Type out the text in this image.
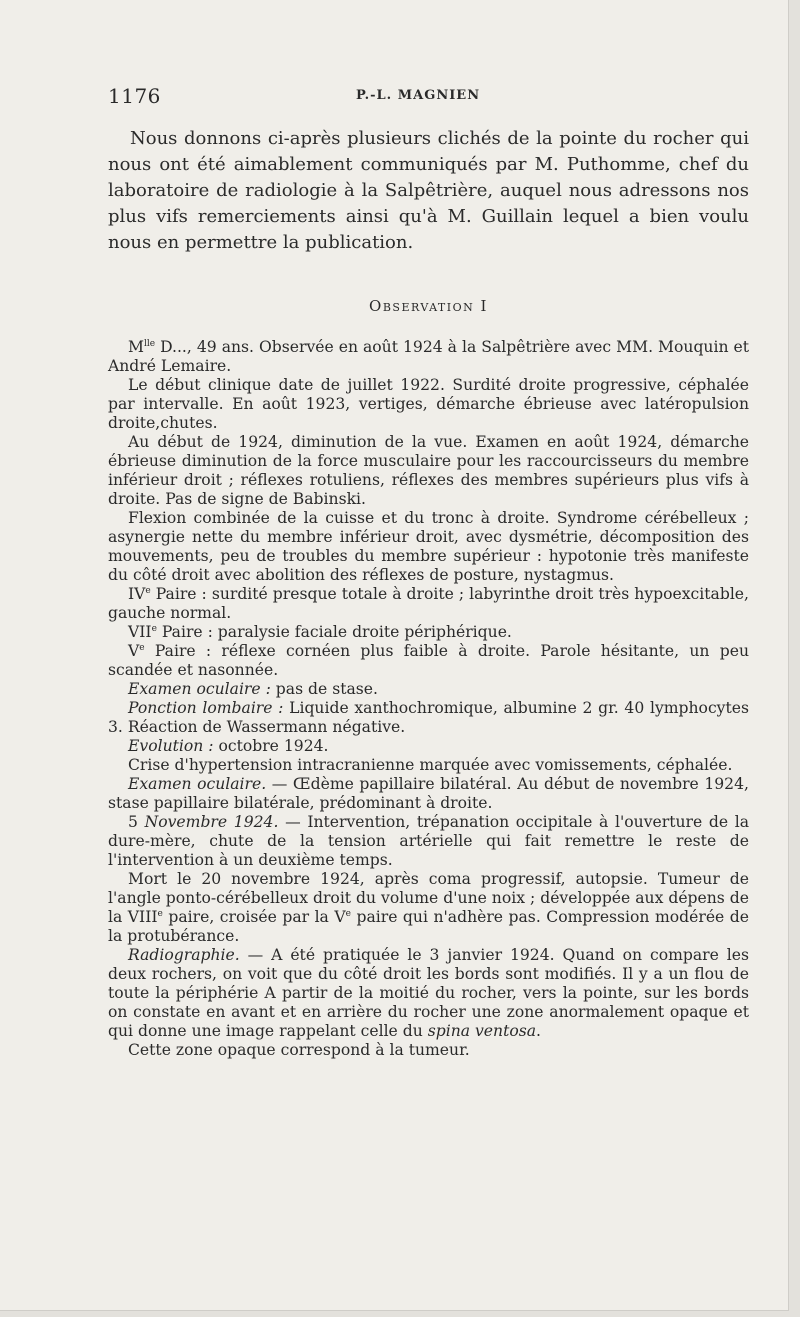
1176	P.-L. MAGNIEN

Nous donnons ci-après plusieurs clichés de la pointe du rocher qui nous ont été aimablement communiqués par M. Puthomme, chef du laboratoire de radiologie à la Salpêtrière, auquel nous adressons nos plus vifs remerciements ainsi qu'à M. Guillain lequel a bien voulu nous en permettre la publication.

Observation I

$M^{lle}$ D..., 49 ans. Observée en août 1924 à la Salpêtrière avec MM. Mouquin et André Lemaire.

Le début clinique date de juillet 1922. Surdité droite progressive, céphalée par intervalle. En août 1923, vertiges, démarche ébrieuse avec latéropulsion droite,chutes.

Au début de 1924, diminution de la vue. Examen en août 1924, démarche ébrieuse diminution de la force musculaire pour les raccourcisseurs du membre inférieur droit ; réflexes rotuliens, réflexes des membres supérieurs plus vifs à droite. Pas de signe de Babinski.

Flexion combinée de la cuisse et du tronc à droite. Syndrome cérébelleux ; asynergie nette du membre inférieur droit, avec dysmétrie, décomposition des mouvements, peu de troubles du membre supérieur : hypotonie très manifeste du côté droit avec abolition des réflexes de posture, nystagmus.

IVe Paire : surdité presque totale à droite ; labyrinthe droit très hypoexcitable, gauche normal.

VIIe Paire : paralysie faciale droite périphérique.

Ve Paire : réflexe cornéen plus faible à droite. Parole hésitante, un peu scandée et nasonnée.

Examen oculaire : pas de stase.

Ponction lombaire : Liquide xanthochromique, albumine 2 gr. 40 lymphocytes 3. Réaction de Wassermann négative.

Evolution : octobre 1924.

Crise d'hypertension intracranienne marquée avec vomissements, céphalée.

Examen oculaire. — Œdème papillaire bilatéral. Au début de novembre 1924, stase papillaire bilatérale, prédominant à droite.

5 Novembre 1924. — Intervention, trépanation occipitale à l'ouverture de la dure-mère, chute de la tension artérielle qui fait remettre le reste de l'intervention à un deuxième temps.

Mort le 20 novembre 1924, après coma progressif, autopsie. Tumeur de l'angle ponto-cérébelleux droit du volume d'une noix ; développée aux dépens de la VIIIe paire, croisée par la Ve paire qui n'adhère pas. Compression modérée de la protubérance.

Radiographie. — A été pratiquée le 3 janvier 1924. Quand on compare les deux rochers, on voit que du côté droit les bords sont modifiés. Il y a un flou de toute la périphérie A partir de la moitié du rocher, vers la pointe, sur les bords on constate en avant et en arrière du rocher une zone anormalement opaque et qui donne une image rappelant celle du spina ventosa.

Cette zone opaque correspond à la tumeur.
